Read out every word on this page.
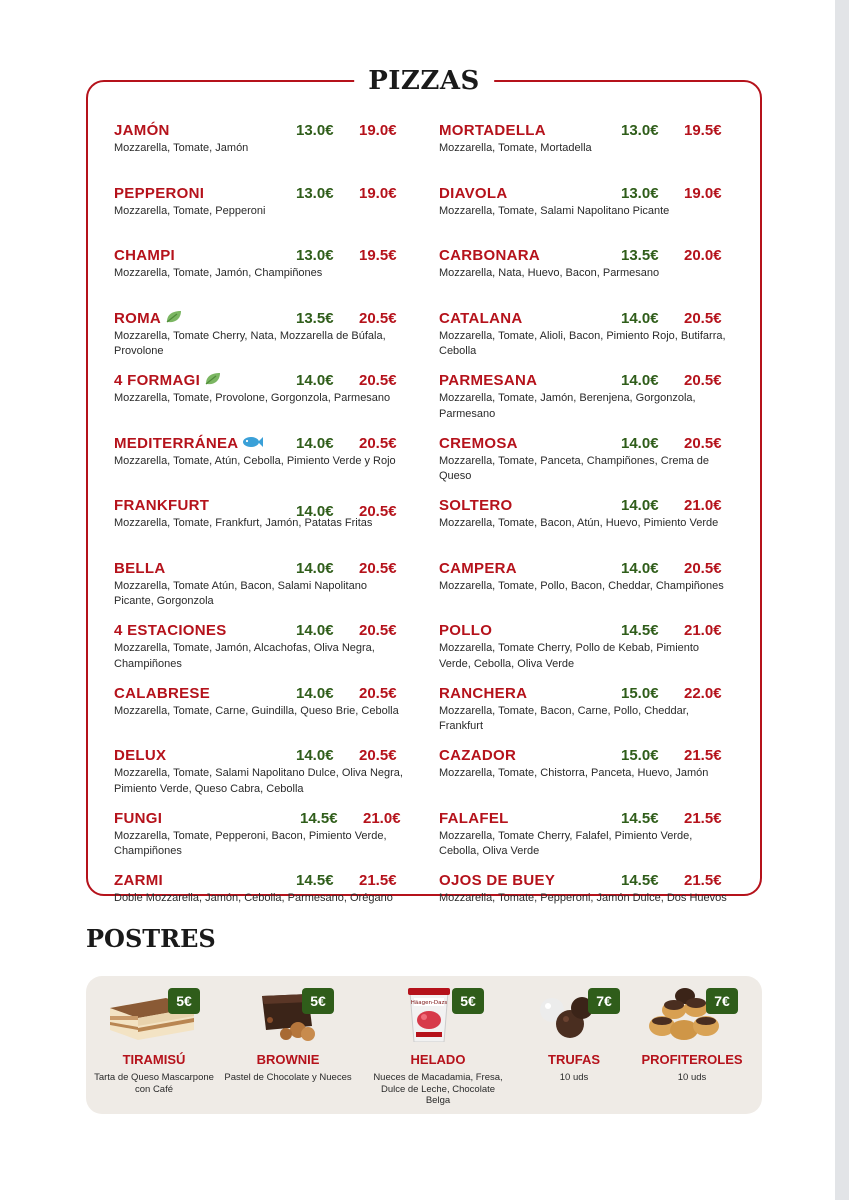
PIZZAS
JAMÓN	13.0€ 19.0€
Mozzarella, Tomate, Jamón
PEPPERONI	13.0€ 19.0€
Mozzarella, Tomate, Pepperoni
CHAMPI	13.0€ 19.5€
Mozzarella, Tomate, Jamón, Champiñones
ROMA	13.5€ 20.5€
Mozzarella, Tomate Cherry, Nata, Mozzarella de Búfala, Provolone
4 FORMAGI	14.0€ 20.5€
Mozzarella, Tomate, Provolone, Gorgonzola, Parmesano
MEDITERRÁNEA	14.0€ 20.5€
Mozzarella, Tomate, Atún, Cebolla, Pimiento Verde y Rojo
FRANKFURT	14.0€ 20.5€
Mozzarella, Tomate, Frankfurt, Jamón, Patatas Fritas
BELLA	14.0€ 20.5€
Mozzarella, Tomate Atún, Bacon, Salami Napolitano Picante, Gorgonzola
4 ESTACIONES	14.0€ 20.5€
Mozzarella, Tomate, Jamón, Alcachofas, Oliva Negra, Champiñones
CALABRESE	14.0€ 20.5€
Mozzarella, Tomate, Carne, Guindilla, Queso Brie, Cebolla
DELUX	14.0€ 20.5€
Mozzarella, Tomate, Salami Napolitano Dulce, Oliva Negra, Pimiento Verde, Queso Cabra, Cebolla
FUNGI	14.5€ 21.0€
Mozzarella, Tomate, Pepperoni, Bacon, Pimiento Verde, Champiñones
ZARMI	14.5€ 21.5€
Doble Mozzarella, Jamón, Cebolla, Parmesano, Orégano
MORTADELLA	13.0€ 19.5€
Mozzarella, Tomate, Mortadella
DIAVOLA	13.0€ 19.0€
Mozzarella, Tomate, Salami Napolitano Picante
CARBONARA	13.5€ 20.0€
Mozzarella, Nata, Huevo, Bacon, Parmesano
CATALANA	14.0€ 20.5€
Mozzarella, Tomate, Alioli, Bacon, Pimiento Rojo, Butifarra, Cebolla
PARMESANA	14.0€ 20.5€
Mozzarella, Tomate, Jamón, Berenjena, Gorgonzola, Parmesano
CREMOSA	14.0€ 20.5€
Mozzarella, Tomate, Panceta, Champiñones, Crema de Queso
SOLTERO	14.0€ 21.0€
Mozzarella, Tomate, Bacon, Atún, Huevo, Pimiento Verde
CAMPERA	14.0€ 20.5€
Mozzarella, Tomate, Pollo, Bacon, Cheddar, Champiñones
POLLO	14.5€ 21.0€
Mozzarella, Tomate Cherry, Pollo de Kebab, Pimiento Verde, Cebolla, Oliva Verde
RANCHERA	15.0€ 22.0€
Mozzarella, Tomate, Bacon, Carne, Pollo, Cheddar, Frankfurt
CAZADOR	15.0€ 21.5€
Mozzarella, Tomate, Chistorra, Panceta, Huevo, Jamón
FALAFEL	14.5€ 21.5€
Mozzarella, Tomate Cherry, Falafel, Pimiento Verde, Cebolla, Oliva Verde
OJOS DE BUEY	14.5€ 21.5€
Mozzarella, Tomate, Pepperoni, Jamón Dulce, Dos Huevos
POSTRES
5€
TIRAMISÚ
Tarta de Queso Mascarpone con Café
5€
BROWNIE
Pastel de Chocolate y Nueces
Häagen-Dazs 5€
HELADO
Nueces de Macadamia, Fresa, Dulce de Leche, Chocolate Belga
7€
TRUFAS
10 uds
7€
PROFITEROLES
10 uds
